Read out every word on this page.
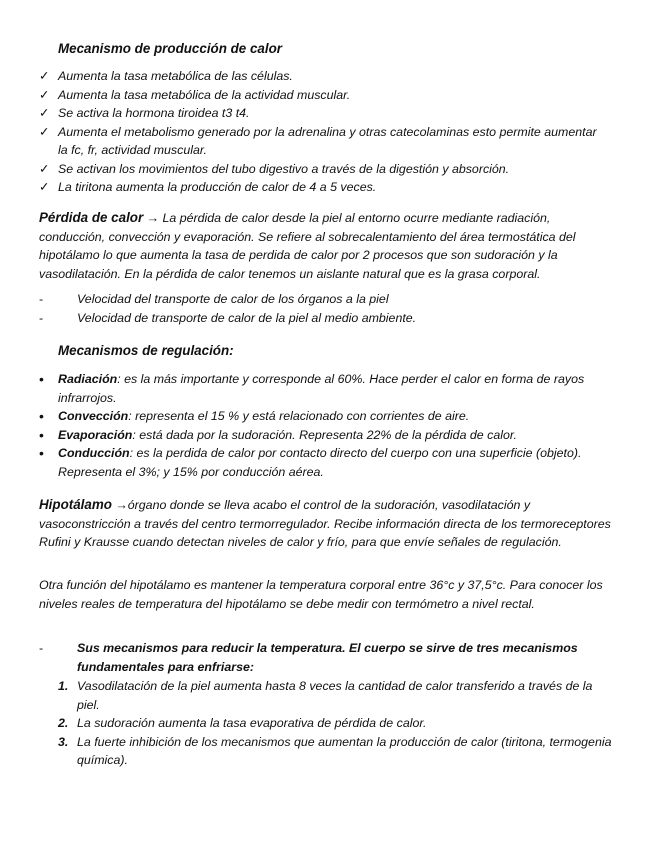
Mecanismo de producción de calor

✓ Aumenta la tasa metabólica de las células.
✓ Aumenta la tasa metabólica de la actividad muscular.
✓ Se activa la hormona tiroidea t3 t4.
✓ Aumenta el metabolismo generado por la adrenalina y otras catecolaminas esto permite aumentar la fc, fr, actividad muscular.
✓ Se activan los movimientos del tubo digestivo a través de la digestión y absorción.
✓ La tiritona aumenta la producción de calor de 4 a 5 veces.

Pérdida de calor → La pérdida de calor desde la piel al entorno ocurre mediante radiación, conducción, convección y evaporación. Se refiere al sobrecalentamiento del área termostática del hipotálamo lo que aumenta la tasa de perdida de calor por 2 procesos que son sudoración y la vasodilatación. En la pérdida de calor tenemos un aislante natural que es la grasa corporal.

-	Velocidad del transporte de calor de los órganos a la piel
-	Velocidad de transporte de calor de la piel al medio ambiente.

Mecanismos de regulación:

• Radiación: es la más importante y corresponde al 60%. Hace perder el calor en forma de rayos infrarrojos.
• Convección: representa el 15 % y está relacionado con corrientes de aire.
• Evaporación: está dada por la sudoración. Representa 22% de la pérdida de calor.
• Conducción: es la perdida de calor por contacto directo del cuerpo con una superficie (objeto). Representa el 3%; y 15% por conducción aérea.

Hipotálamo →órgano donde se lleva acabo el control de la sudoración, vasodilatación y vasoconstricción a través del centro termorregulador. Recibe información directa de los termoreceptores Rufini y Krausse cuando detectan niveles de calor y frío, para que envíe señales de regulación.

Otra función del hipotálamo es mantener la temperatura corporal entre 36°c y 37,5°c. Para conocer los niveles reales de temperatura del hipotálamo se debe medir con termómetro a nivel rectal.

-	Sus mecanismos para reducir la temperatura. El cuerpo se sirve de tres mecanismos fundamentales para enfriarse:
1. Vasodilatación de la piel aumenta hasta 8 veces la cantidad de calor transferido a través de la piel.
2. La sudoración aumenta la tasa evaporativa de pérdida de calor.
3. La fuerte inhibición de los mecanismos que aumentan la producción de calor (tiritona, termogenia química).
